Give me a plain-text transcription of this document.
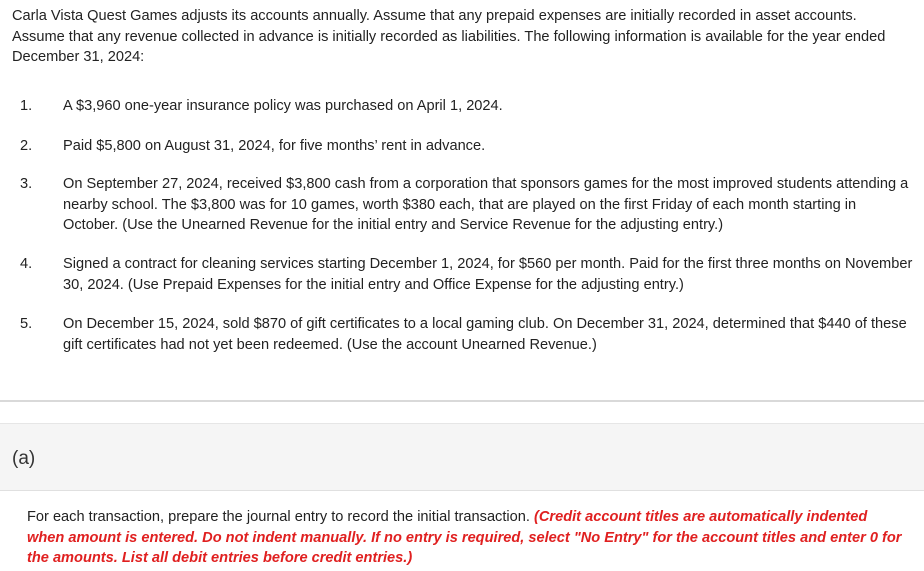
Carla Vista Quest Games adjusts its accounts annually. Assume that any prepaid expenses are initially recorded in asset accounts. Assume that any revenue collected in advance is initially recorded as liabilities. The following information is available for the year ended December 31, 2024:
1. A $3,960 one-year insurance policy was purchased on April 1, 2024.
2. Paid $5,800 on August 31, 2024, for five months’ rent in advance.
3. On September 27, 2024, received $3,800 cash from a corporation that sponsors games for the most improved students attending a nearby school. The $3,800 was for 10 games, worth $380 each, that are played on the first Friday of each month starting in October. (Use the Unearned Revenue for the initial entry and Service Revenue for the adjusting entry.)
4. Signed a contract for cleaning services starting December 1, 2024, for $560 per month. Paid for the first three months on November 30, 2024. (Use Prepaid Expenses for the initial entry and Office Expense for the adjusting entry.)
5. On December 15, 2024, sold $870 of gift certificates to a local gaming club. On December 31, 2024, determined that $440 of these gift certificates had not yet been redeemed. (Use the account Unearned Revenue.)
(a)
For each transaction, prepare the journal entry to record the initial transaction. (Credit account titles are automatically indented when amount is entered. Do not indent manually. If no entry is required, select "No Entry" for the account titles and enter 0 for the amounts. List all debit entries before credit entries.)
